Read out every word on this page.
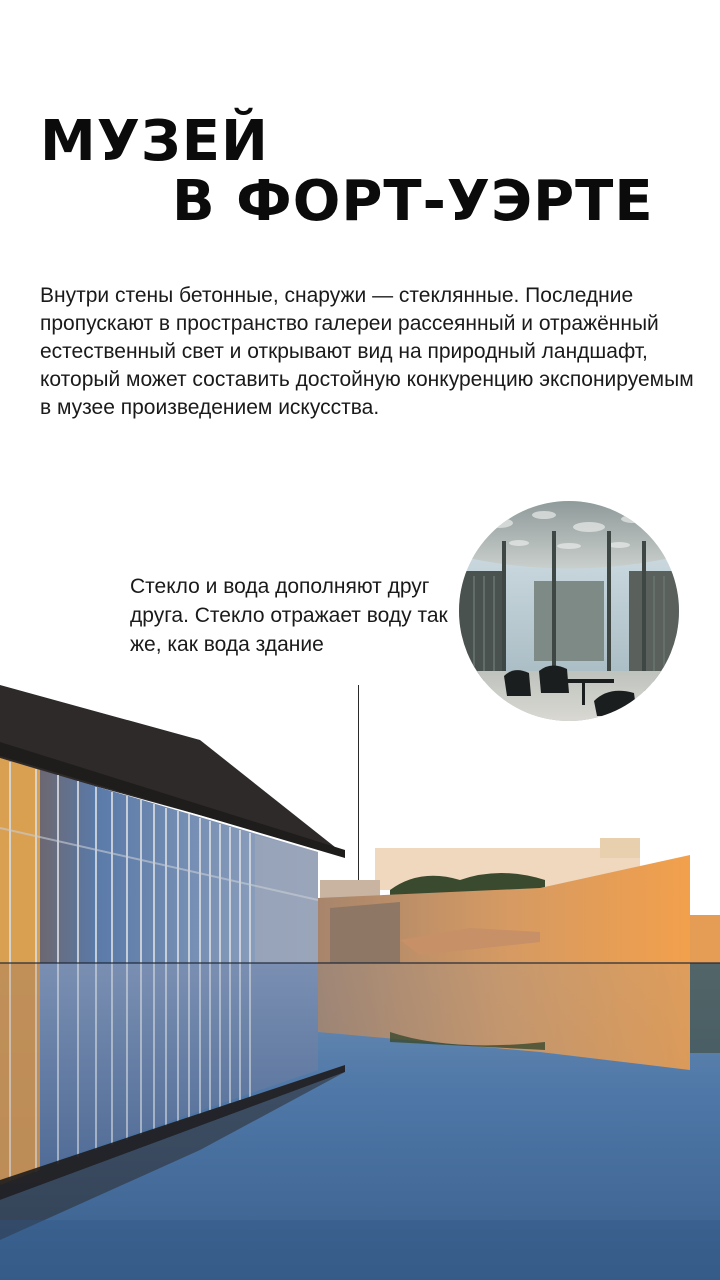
МУЗЕЙ
В ФОРТ-УЭРТЕ

Внутри стены бетонные, снаружи — стеклянные. Последние пропускают в пространство галереи рассеянный и отражённый естественный свет и открывают вид на природный ландшафт, который может составить достойную конкуренцию экспонируемым в музее произведением искусства.

Стекло и вода дополняют друг друга. Стекло отражает воду так же, как вода здание
